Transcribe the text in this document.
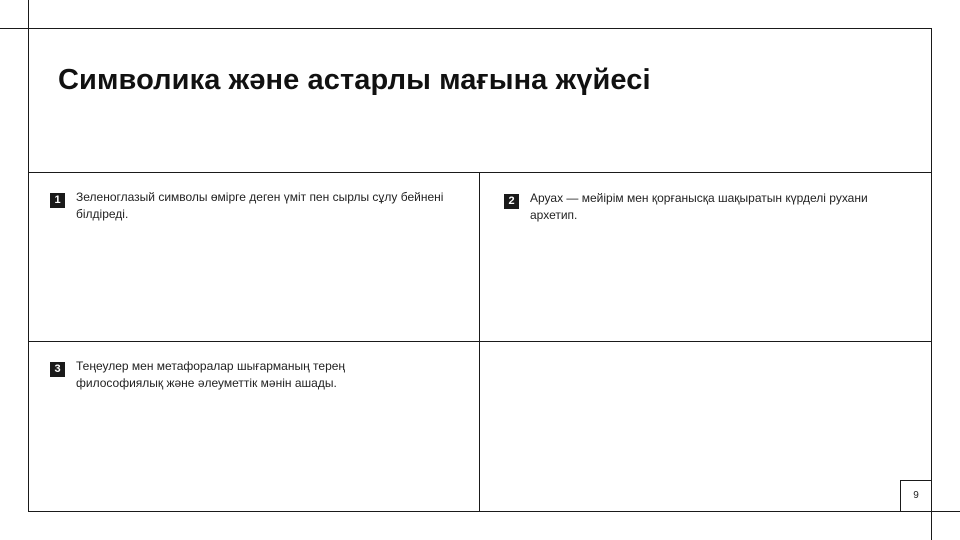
Символика және астарлы мағына жүйесі
1	Зеленоглазый символы өмірге деген үміт пен сырлы сұлу бейнені білдіреді.

2	Аруах — мейірім мен қорғанысқа шақыратын күрделі рухани архетип.

3	Теңеулер мен метафоралар шығарманың терең философиялық және әлеуметтік мәнін ашады.

9
